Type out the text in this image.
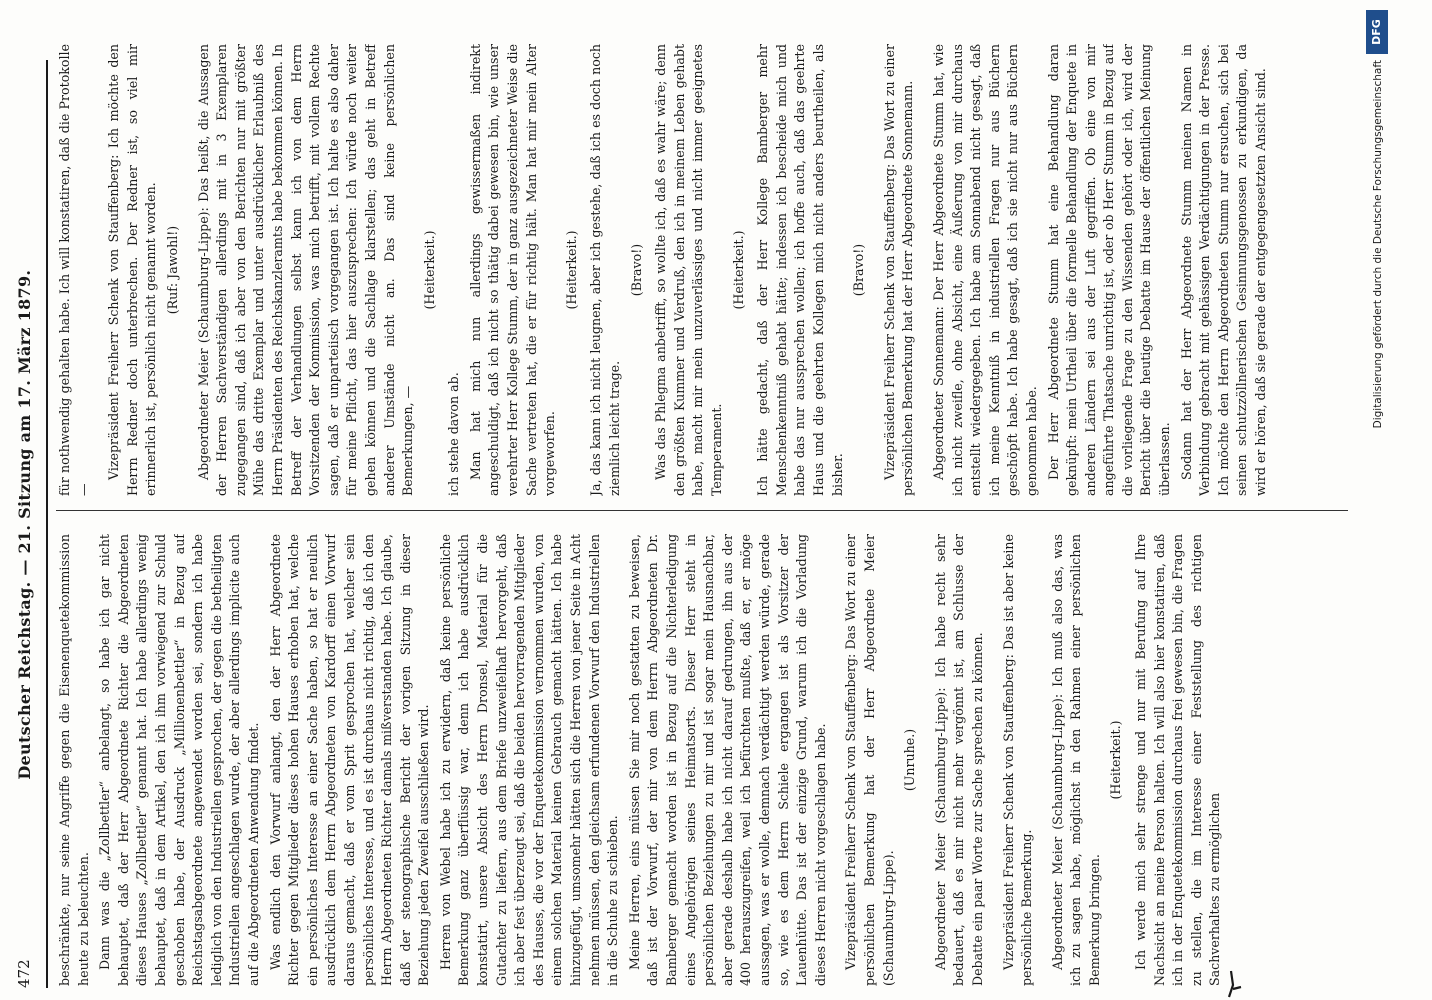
472
Deutscher Reichstag. — 21. Sitzung am 17. März 1879. beschränkte, nur seine Angriffe gegen die Eisenenquetekommission heute zu beleuchten. Dann was die „Zollbettler“ anbelangt, so habe ich gar nicht behauptet, daß der Herr Abgeordnete Richter die Abgeordneten dieses Hauses „Zollbettler“ genannt hat. Ich habe allerdings wenig behauptet, daß in dem Artikel, den ich ihm vorwiegend zur Schuld geschoben habe, der Ausdruck „Millionenbettler“ in Bezug auf Reichstagsabgeordnete angewendet worden sei, sondern ich habe lediglich von den Industriellen gesprochen, der gegen die betheiligten Industriellen angeschlagen wurde, der aber allerdings implicite auch auf die Abgeordneten Anwendung findet. Was endlich den Vorwurf anlangt, den der Herr Abgeordnete Richter gegen Mitglieder dieses hohen Hauses erhoben hat, welche ein persönliches Interesse an einer Sache haben, so hat er neulich ausdrücklich dem Herrn Abgeordneten von Kardorff einen Vorwurf daraus gemacht, daß er vom Sprit gesprochen hat, welcher sein persönliches Interesse, und es ist durchaus nicht richtig, daß ich den Herrn Abgeordneten Richter damals mißverstanden habe. Ich glaube, daß der stenographische Bericht der vorigen Sitzung in dieser Beziehung jeden Zweifel ausschließen wird. Herren von Webel habe ich zu erwidern, daß keine persönliche Bemerkung ganz überflüssig war, denn ich habe ausdrücklich konstatirt, unsere Absicht des Herrn Dronsel, Material für die Gutachter zu liefern, aus dem Briefe unzweifelhaft hervorgeht, daß ich aber fest überzeugt sei, daß die beiden hervorragenden Mitglieder des Hauses, die vor der Enquetekommission vernommen wurden, von einem solchen Material keinen Gebrauch gemacht hätten. Ich habe hinzugefügt, umsomehr hätten sich die Herren von jener Seite in Acht nehmen müssen, den gleichsam erfundenen Vorwurf den Industriellen in die Schuhe zu schieben. Meine Herren, eins müssen Sie mir noch gestatten zu beweisen, daß ist der Vorwurf, der mir von dem Herrn Abgeordneten Dr. Bamberger gemacht worden ist in Bezug auf die Nichterledigung eines Angehörigen seines Heimatsorts. Dieser Herr steht in persönlichen Beziehungen zu mir und ist sogar mein Hausnachbar, aber gerade deshalb habe ich nicht darauf gedrungen, ihn aus der 400 herauszugreifen, weil ich befürchten mußte, daß er, er möge aussagen, was er wolle, demnach verdächtigt werden würde, gerade so, wie es dem Herrn Schiele ergangen ist als Vorsitzer der Lauenhütte. Das ist der einzige Grund, warum ich die Vorladung dieses Herren nicht vorgeschlagen habe. Vizepräsident Freiherr Schenk von Stauffenberg: Das Wort zu einer persönlichen Bemerkung hat der Herr Abgeordnete Meier (Schaumburg-Lippe).

(Unruhe.) Abgeordneter Meier (Schaumburg-Lippe): Ich habe recht sehr bedauert, daß es mir nicht mehr vergönnt ist, am Schlusse der Debatte ein paar Worte zur Sache sprechen zu können. Vizepräsident Freiherr Schenk von Stauffenberg: Das ist aber keine persönliche Bemerkung. Abgeordneter Meier (Schaumburg-Lippe): Ich muß also das, was ich zu sagen habe, möglichst in den Rahmen einer persönlichen Bemerkung bringen.

(Heiterkeit.) Ich werde mich sehr strenge und nur mit Berufung auf Ihre Nachsicht an meine Person halten. Ich will also hier konstatiren, daß ich in der Enquetekommission durchaus frei gewesen bin, die Fragen zu stellen, die im Interesse einer Feststellung des richtigen Sachverhaltes zu ermöglichen

für nothwendig gehalten habe. Ich will konstatiren, daß die Protokolle —

Vizepräsident Freiherr Schenk von Stauffenberg: Ich möchte den Herrn Redner doch unterbrechen. Der Redner ist, so viel mir erinnerlich ist, persönlich nicht genannt worden. (Ruf: Jawohl!) Abgeordneter Meier (Schaumburg-Lippe): Das heißt, die Aussagen der Herren Sachverständigen allerdings mit in 3 Exemplaren zugegangen sind, daß ich aber von den Berichten nur mit größter Mühe das dritte Exemplar und unter ausdrücklicher Erlaubniß des Herrn Präsidenten des Reichskanzleramts habe bekommen können. In Betreff der Verhandlungen selbst kann ich von dem Herrn Vorsitzenden der Kommission, was mich betrifft, mit vollem Rechte sagen, daß er unparteiisch vorgegangen ist. Ich halte es also daher für meine Pflicht, das hier auszusprechen: Ich würde noch weiter gehen können und die Sachlage klarstellen; das geht in Betreff anderer Umstände nicht an. Das sind keine persönlichen Bemerkungen, —

(Heiterkeit.)

ich stehe davon ab. Man hat mich nun allerdings gewissermaßen indirekt angeschuldigt, daß ich nicht so thätig dabei gewesen bin, wie unser verehrter Herr Kollege Stumm, der in ganz ausgezeichneter Weise die Sache vertreten hat, die er für richtig hält. Man hat mir mein Alter vorgeworfen.

(Heiterkeit.) Ja, das kann ich nicht leugnen, aber ich gestehe, daß ich es doch noch ziemlich leicht trage.

(Bravo!) Was das Phlegma anbetrifft, so wollte ich, daß es wahr wäre; denn den größten Kummer und Verdruß, den ich in meinem Leben gehabt habe, macht mir mein unzuverlässiges und nicht immer geeignetes Temperament.

(Heiterkeit.) Ich hätte gedacht, daß der Herr Kollege Bamberger mehr Menschenkenntniß gehabt hätte; indessen ich bescheide mich und habe das nur aussprechen wollen; ich hoffe auch, daß das geehrte Haus und die geehrten Kollegen mich nicht anders beurtheilen, als bisher.

(Bravo!) Vizepräsident Freiherr Schenk von Stauffenberg: Das Wort zu einer persönlichen Bemerkung hat der Herr Abgeordnete Sonnemann. Abgeordneter Sonnemann: Der Herr Abgeordnete Stumm hat, wie ich nicht zweifle, ohne Absicht, eine Äußerung von mir durchaus entstellt wiedergegeben. Ich habe am Sonnabend nicht gesagt, daß ich meine Kenntniß in industriellen Fragen nur aus Büchern geschöpft habe. Ich habe gesagt, daß ich sie nicht nur aus Büchern genommen habe. Der Herr Abgeordnete Stumm hat eine Behandlung daran geknüpft: mein Urtheil über die formelle Behandlung der Enquete in anderen Ländern sei aus der Luft gegriffen. Ob eine von mir angeführte Thatsache unrichtig ist, oder ob Herr Stumm in Bezug auf die vorliegende Frage zu den Wissenden gehört oder ich, wird der Bericht über die heutige Debatte im Hause der öffentlichen Meinung überlassen. Sodann hat der Herr Abgeordnete Stumm meinen Namen in Verbindung gebracht mit gehässigen Verdächtigungen in der Presse. Ich möchte den Herrn Abgeordneten Stumm nur ersuchen, sich bei seinen schutzzöllnerischen Gesinnungsgenossen zu erkundigen, da wird er hören, daß sie gerade der entgegengesetzten Ansicht sind.	Digitalisierung gefördert durch die Deutsche Forschungsgemeinschaft
DFG
